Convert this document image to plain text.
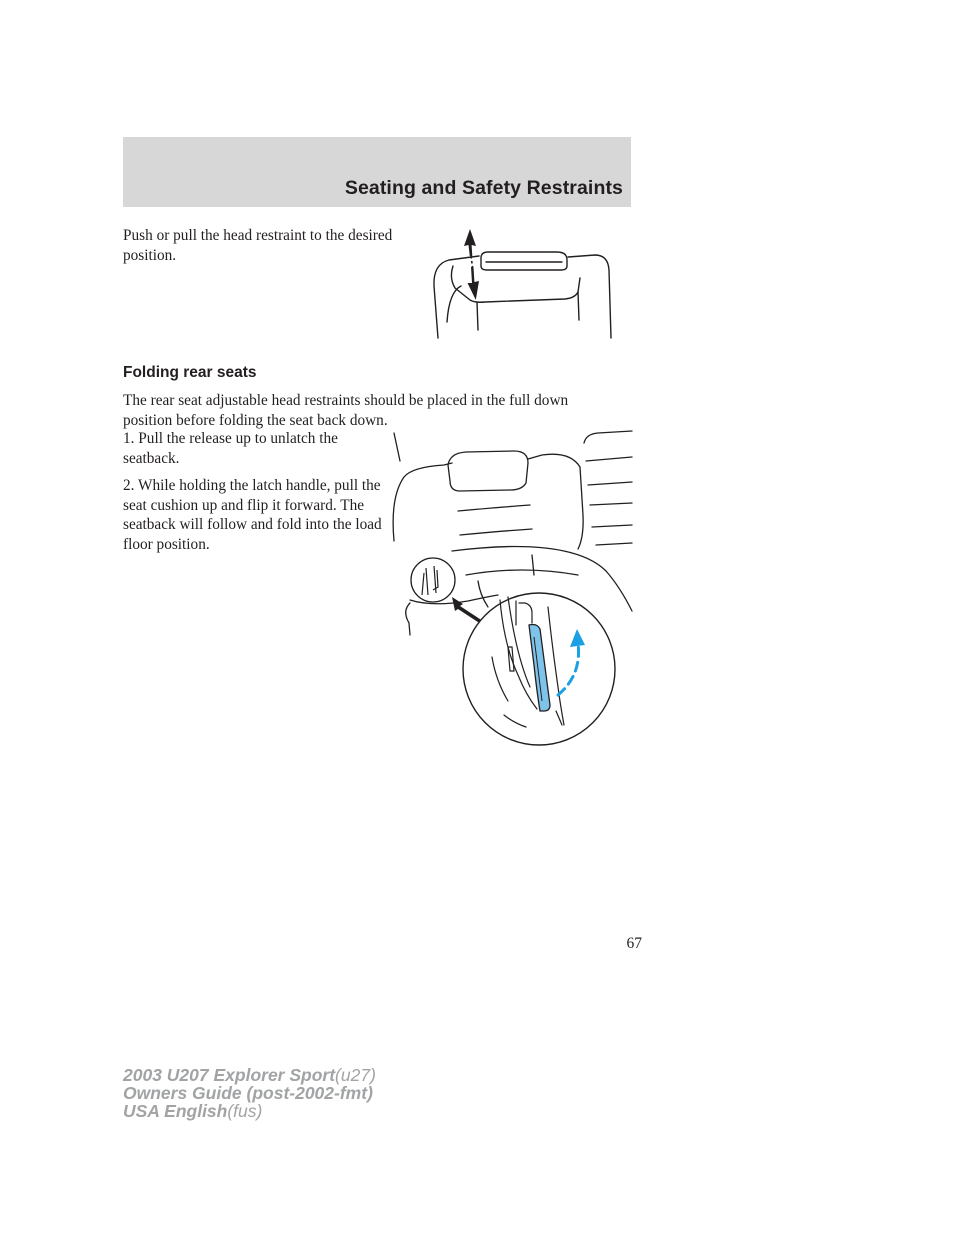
Seating and Safety Restraints

Push or pull the head restraint to the desired position.

Folding rear seats

The rear seat adjustable head restraints should be placed in the full down position before folding the seat back down.

1. Pull the release up to unlatch the seatback.

2. While holding the latch handle, pull the seat cushion up and flip it forward. The seatback will follow and fold into the load floor position.

67

2003 U207 Explorer Sport(u27)

Owners Guide (post-2002-fmt)

USA English(fus)
